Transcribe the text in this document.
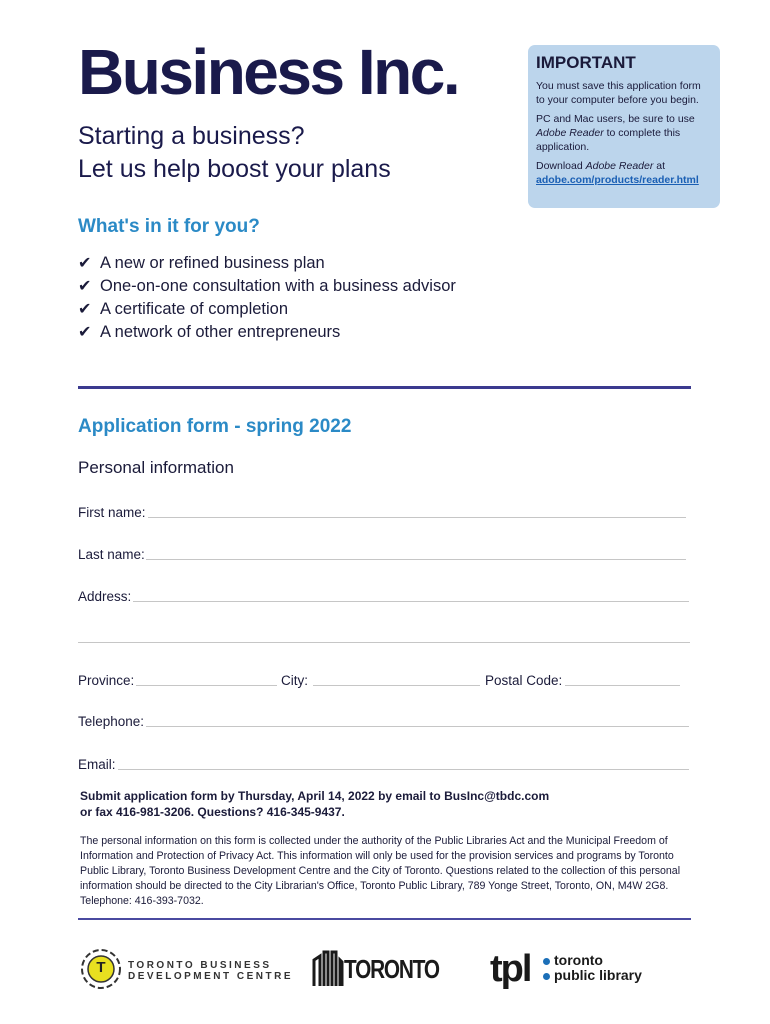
Business Inc.
Starting a business?
Let us help boost your plans
IMPORTANT

You must save this application form to your computer before you begin.

PC and Mac users, be sure to use Adobe Reader to complete this application.

Download Adobe Reader at
adobe.com/products/reader.html

What's in it for you?
✔ A new or refined business plan
✔ One-on-one consultation with a business advisor
✔ A certificate of completion
✔ A network of other entrepreneurs
Application form - spring 2022
Personal information
First name:
Last name:
Address:
Province:	City:	Postal Code:
Telephone:
Email:
Submit application form by Thursday, April 14, 2022 by email to BusInc@tbdc.com
or fax 416-981-3206. Questions? 416-345-9437.
The personal information on this form is collected under the authority of the Public Libraries Act and the Municipal Freedom of Information and Protection of Privacy Act. This information will only be used for the provision services and programs by Toronto Public Library, Toronto Business Development Centre and the City of Toronto. Questions related to the collection of this personal information should be directed to the City Librarian's Office, Toronto Public Library, 789 Yonge Street, Toronto, ON, M4W 2G8. Telephone: 416-393-7032.
T TORONTO BUSINESS
DEVELOPMENT CENTRE TORONTO tpl toronto
public library
